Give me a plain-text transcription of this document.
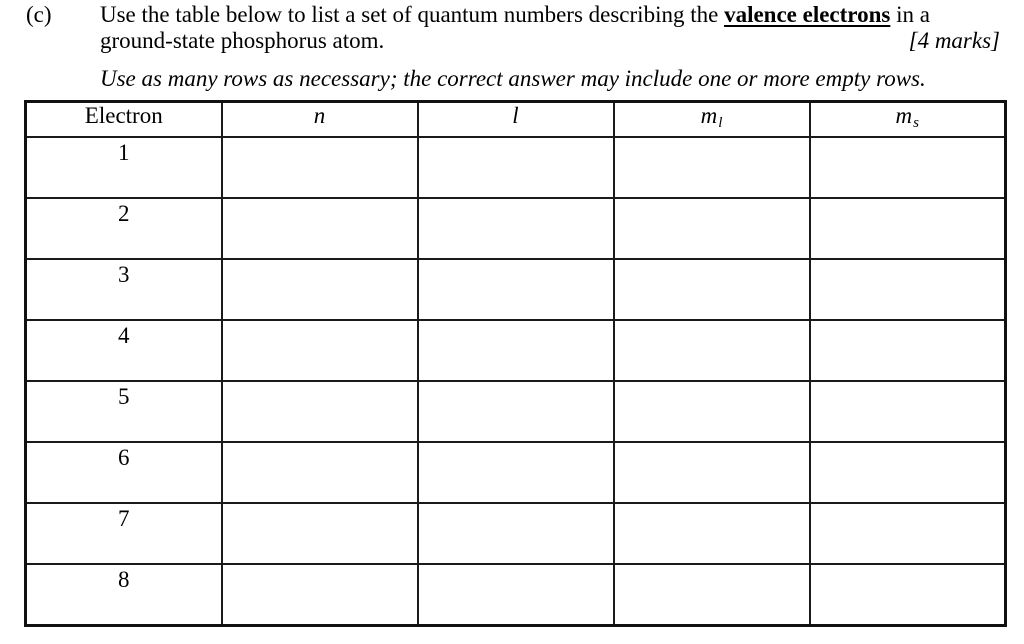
(c) Use the table below to list a set of quantum numbers describing the valence electrons in a
ground-state phosphorus atom.	[4 marks]
Use as many rows as necessary; the correct answer may include one or more empty rows.
Electron	n	l	$m_l$	$m_s$
1				
2				
3				
4				
5				
6				
7				
8				
